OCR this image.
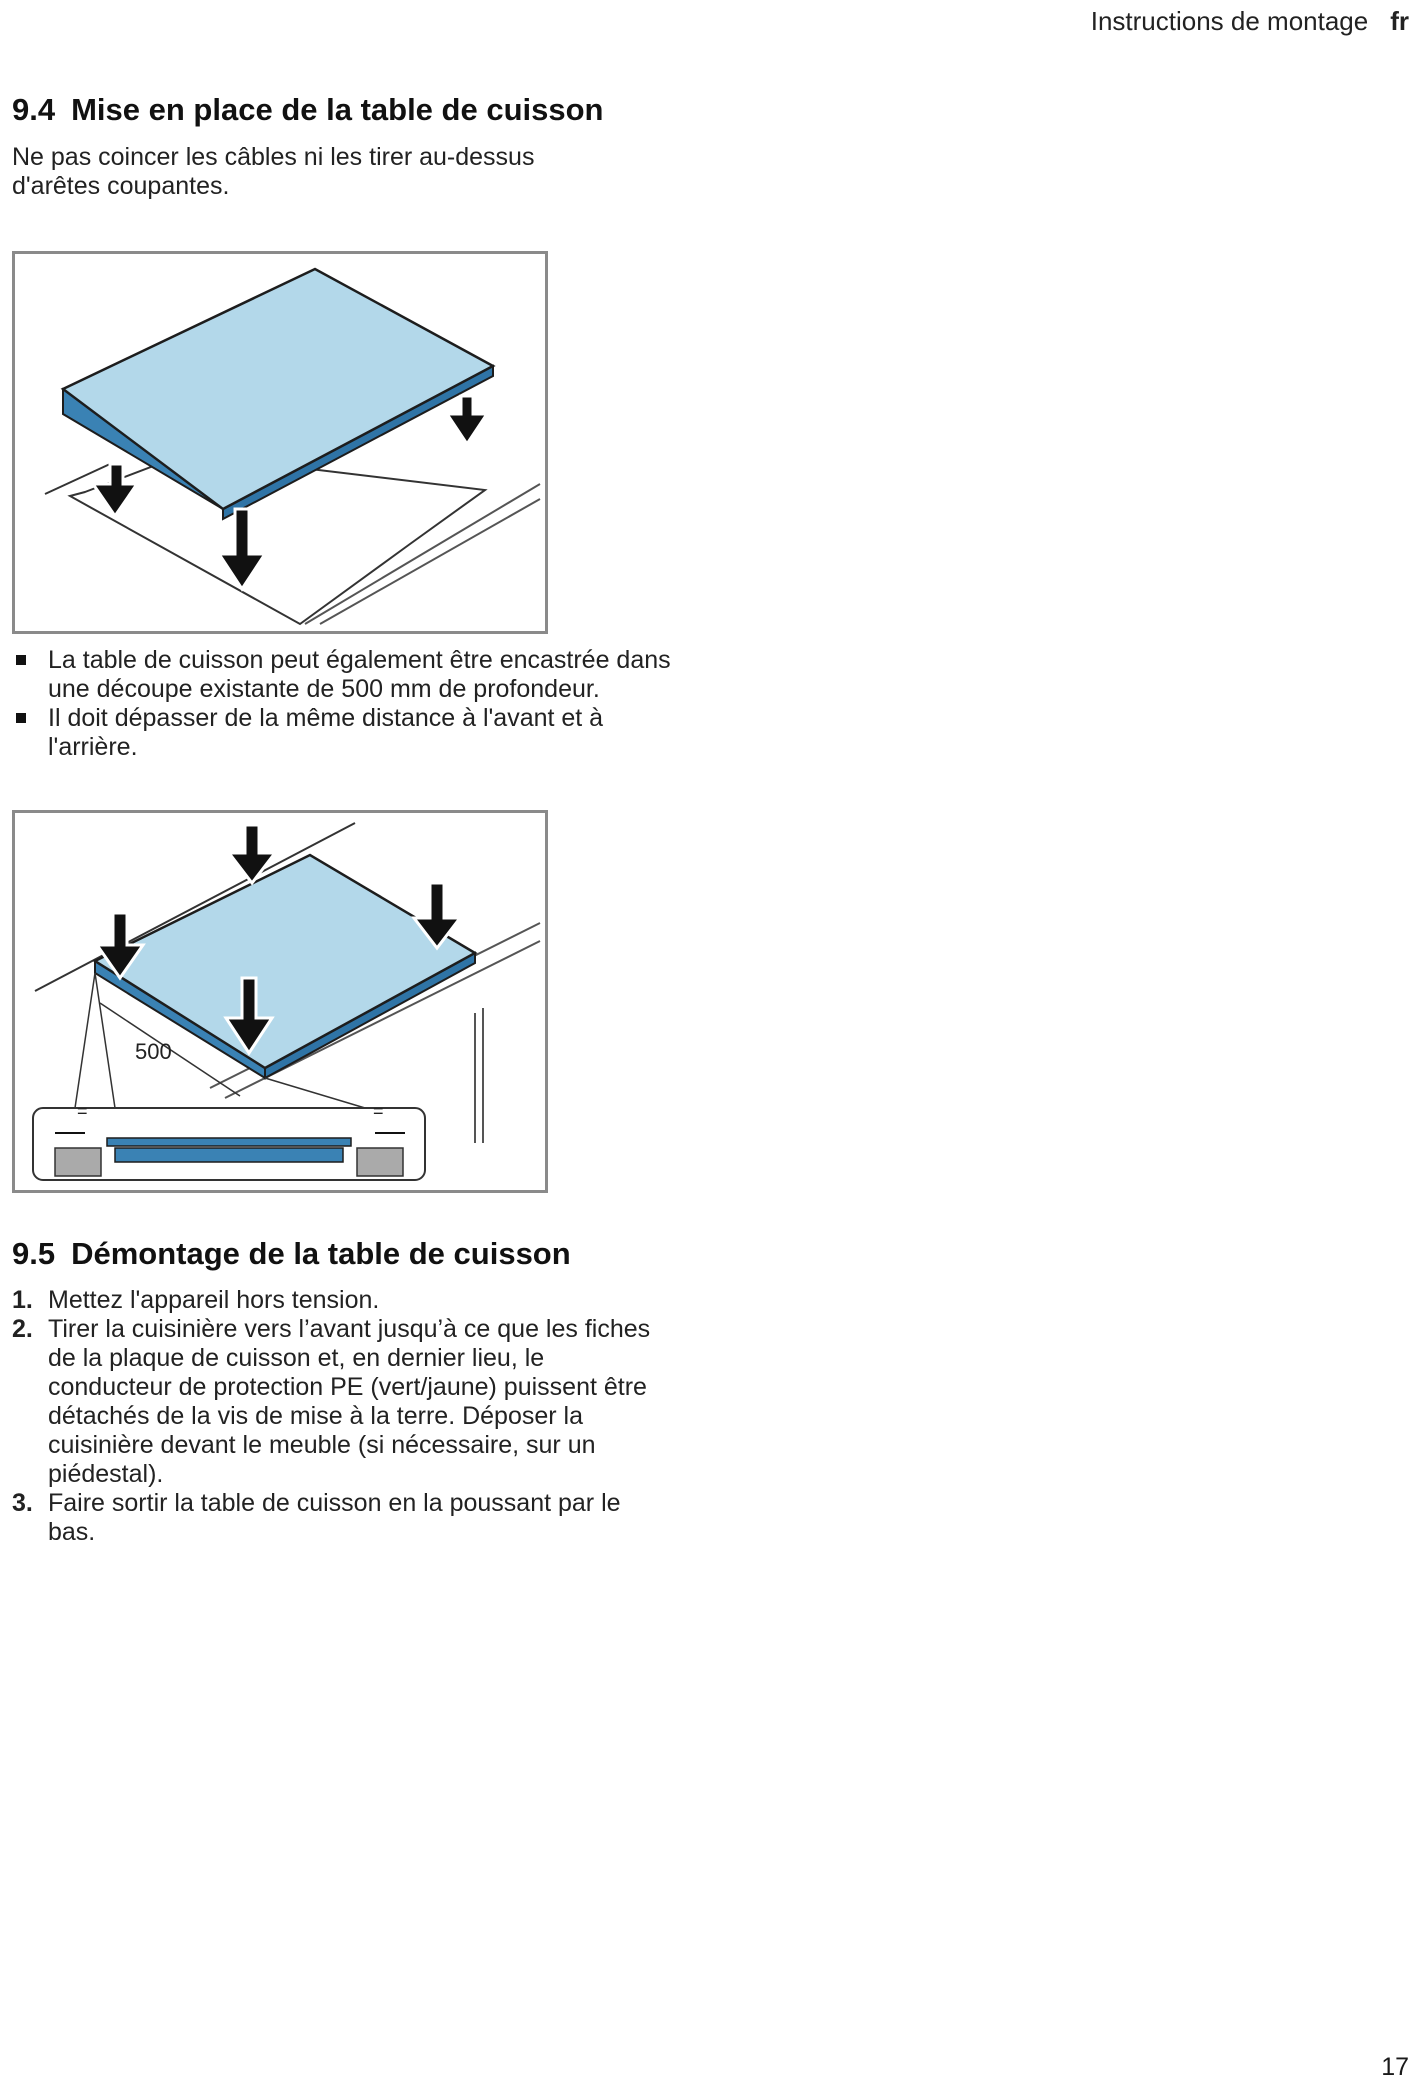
Instructions de montage fr
9.4 Mise en place de la table de cuisson
Ne pas coincer les câbles ni les tirer au-dessus d'arêtes coupantes.
La table de cuisson peut également être encastrée dans une découpe existante de 500 mm de profondeur.
Il doit dépasser de la même distance à l'avant et à l'arrière.
500
=	=
9.5 Démontage de la table de cuisson
1. Mettez l'appareil hors tension.
2. Tirer la cuisinière vers l’avant jusqu’à ce que les fiches de la plaque de cuisson et, en dernier lieu, le conducteur de protection PE (vert/jaune) puissent être détachés de la vis de mise à la terre. Déposer la cuisinière devant le meuble (si nécessaire, sur un piédestal).
3. Faire sortir la table de cuisson en la poussant par le bas.
17
